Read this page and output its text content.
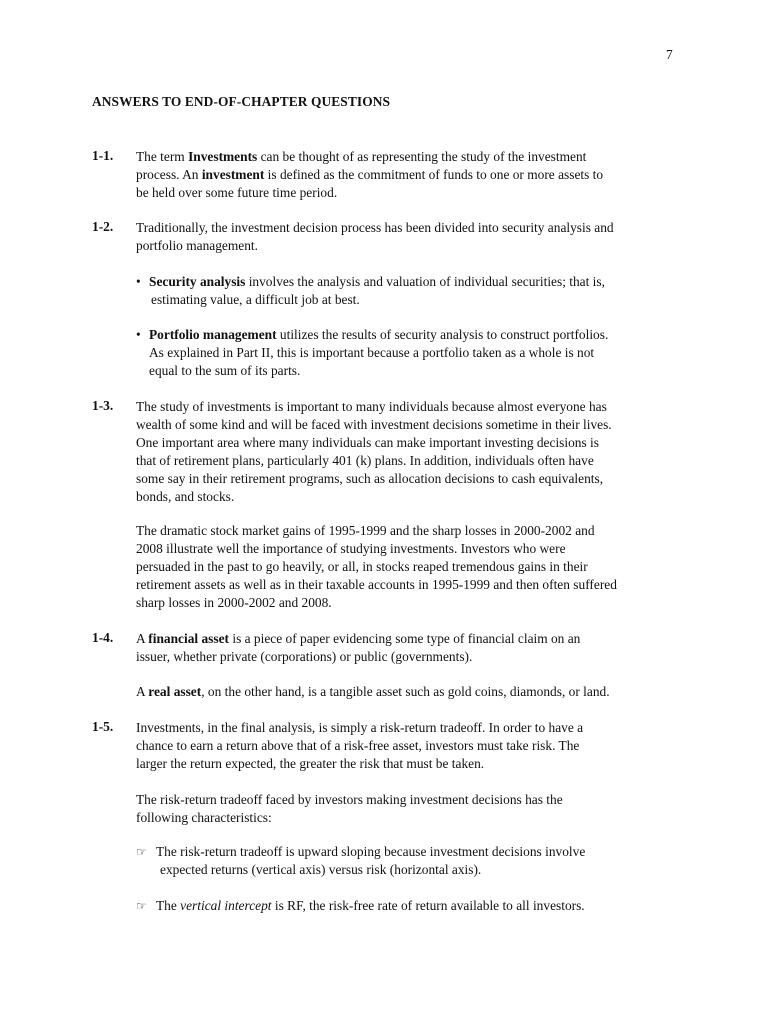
7
ANSWERS TO END-OF-CHAPTER QUESTIONS
1-1. The term Investments can be thought of as representing the study of the investment
process. An investment is defined as the commitment of funds to one or more assets to
be held over some future time period.
1-2. Traditionally, the investment decision process has been divided into security analysis and
portfolio management.
• Security analysis involves the analysis and valuation of individual securities; that is,
estimating value, a difficult job at best.
• Portfolio management utilizes the results of security analysis to construct portfolios.
As explained in Part II, this is important because a portfolio taken as a whole is not
equal to the sum of its parts.
1-3. The study of investments is important to many individuals because almost everyone has
wealth of some kind and will be faced with investment decisions sometime in their lives.
One important area where many individuals can make important investing decisions is
that of retirement plans, particularly 401 (k) plans. In addition, individuals often have
some say in their retirement programs, such as allocation decisions to cash equivalents,
bonds, and stocks.
The dramatic stock market gains of 1995-1999 and the sharp losses in 2000-2002 and
2008 illustrate well the importance of studying investments. Investors who were
persuaded in the past to go heavily, or all, in stocks reaped tremendous gains in their
retirement assets as well as in their taxable accounts in 1995-1999 and then often suffered
sharp losses in 2000-2002 and 2008.
1-4. A financial asset is a piece of paper evidencing some type of financial claim on an
issuer, whether private (corporations) or public (governments).
A real asset, on the other hand, is a tangible asset such as gold coins, diamonds, or land.
1-5. Investments, in the final analysis, is simply a risk-return tradeoff. In order to have a
chance to earn a return above that of a risk-free asset, investors must take risk. The
larger the return expected, the greater the risk that must be taken.
The risk-return tradeoff faced by investors making investment decisions has the
following characteristics:
☞ The risk-return tradeoff is upward sloping because investment decisions involve
expected returns (vertical axis) versus risk (horizontal axis).
☞ The vertical intercept is RF, the risk-free rate of return available to all investors.
